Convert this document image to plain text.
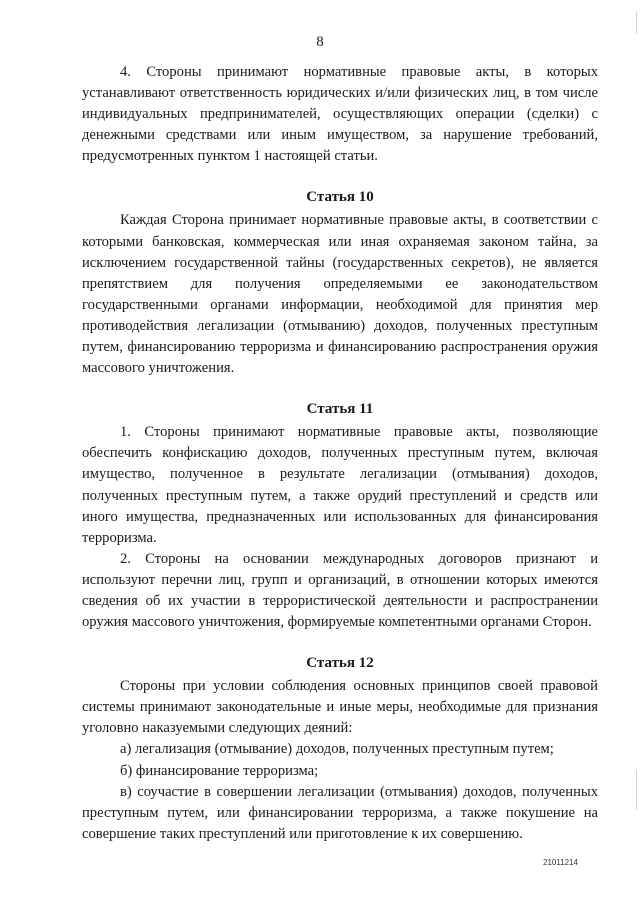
8

4. Стороны принимают нормативные правовые акты, в которых устанавливают ответственность юридических и/или физических лиц, в том числе индивидуальных предпринимателей, осуществляющих операции (сделки) с денежными средствами или иным имуществом, за нарушение требований, предусмотренных пунктом 1 настоящей статьи.

Статья 10

Каждая Сторона принимает нормативные правовые акты, в соответствии с которыми банковская, коммерческая или иная охраняемая законом тайна, за исключением государственной тайны (государственных секретов), не является препятствием для получения определяемыми ее законодательством государственными органами информации, необходимой для принятия мер противодействия легализации (отмыванию) доходов, полученных преступным путем, финансированию терроризма и финансированию распространения оружия массового уничтожения.

Статья 11

1. Стороны принимают нормативные правовые акты, позволяющие обеспечить конфискацию доходов, полученных преступным путем, включая имущество, полученное в результате легализации (отмывания) доходов, полученных преступным путем, а также орудий преступлений и средств или иного имущества, предназначенных или использованных для финансирования терроризма.

2. Стороны на основании международных договоров признают и используют перечни лиц, групп и организаций, в отношении которых имеются сведения об их участии в террористической деятельности и распространении оружия массового уничтожения, формируемые компетентными органами Сторон.

Статья 12

Стороны при условии соблюдения основных принципов своей правовой системы принимают законодательные и иные меры, необходимые для признания уголовно наказуемыми следующих деяний:

а) легализация (отмывание) доходов, полученных преступным путем;

б) финансирование терроризма;

в) соучастие в совершении легализации (отмывания) доходов, полученных преступным путем, или финансировании терроризма, а также покушение на совершение таких преступлений или приготовление к их совершению.

21011214
